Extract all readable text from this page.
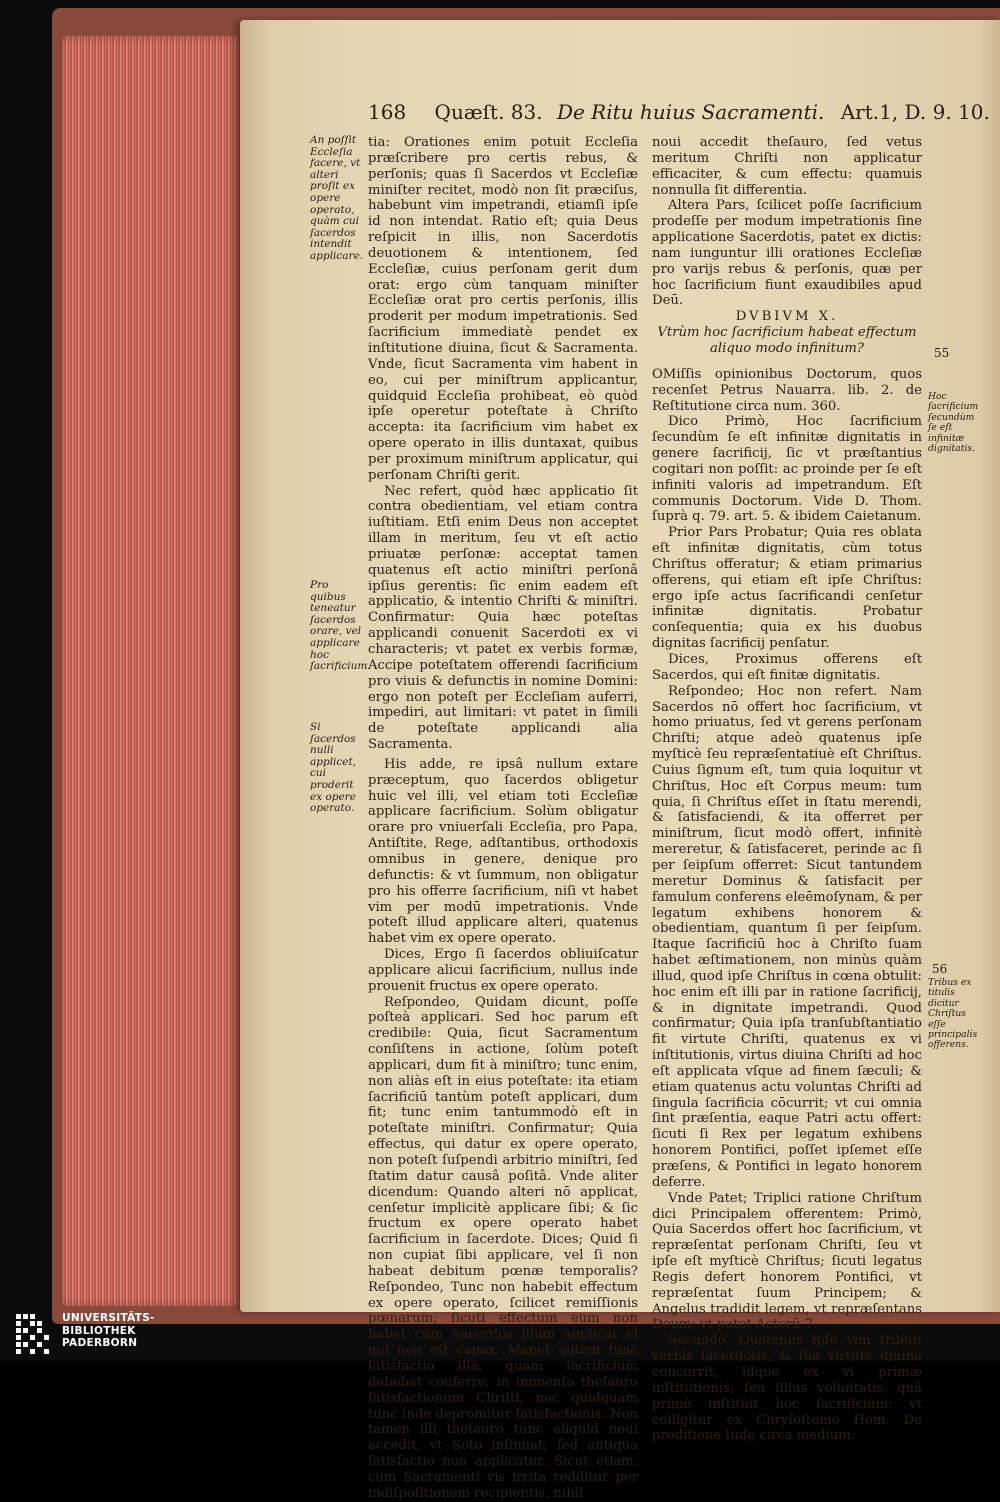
168 Quæſt. 83. De Ritu huius Sacramenti. Art.1, D. 9. 10.
An poſſit Eccleſia facere, vt alteri proſit ex opere operato, quàm cui ſacerdos intendit applicare.
Pro quibus teneatur ſacerdos orare, vel applicare hoc ſacrificium.
Si ſacerdos nulli applicet, cui proderit ex opere operato.

tia: Orationes enim potuit Eccleſia præſcribere pro certis rebus, & perſonis; quas ſi Sacerdos vt Eccleſiæ miniſter recitet, modò non ſit præciſus, habebunt vim impetrandi, etiamſi ipſe id non intendat. Ratio eſt; quia Deus reſpicit in illis, non Sacerdotis deuotionem & intentionem, ſed Eccleſiæ, cuius perſonam gerit dum orat: ergo cùm tanquam miniſter Eccleſiæ orat pro certis perſonis, illis proderit per modum impetrationis. Sed ſacrificium immediatè pendet ex inſtitutione diuina, ſicut & Sacramenta. Vnde, ſicut Sacramenta vim habent in eo, cui per miniſtrum applicantur, quidquid Eccleſia prohibeat, eò quòd ipſe operetur poteſtate à Chriſto accepta: ita ſacrificium vim habet ex opere operato in illis duntaxat, quibus per proximum miniſtrum applicatur, qui perſonam Chriſti gerit.

Nec refert, quòd hæc applicatio ſit contra obedientiam, vel etiam contra iuſtitiam. Etſi enim Deus non acceptet illam in meritum, ſeu vt eſt actio priuatæ perſonæ: acceptat tamen quatenus eſt actio miniſtri perſonâ ipſius gerentis: ſic enim eadem eſt applicatio, & intentio Chriſti & miniſtri. Confirmatur: Quia hæc poteſtas applicandi conuenit Sacerdoti ex vi characteris; vt patet ex verbis formæ, Accipe poteſtatem offerendi ſacrificium pro viuis & defunctis in nomine Domini: ergo non poteſt per Eccleſiam auferri, impediri, aut limitari: vt patet in ſimili de poteſtate applicandi alia Sacramenta.

His adde, re ipsâ nullum extare præceptum, quo ſacerdos obligetur huic vel illi, vel etiam toti Eccleſiæ applicare ſacrificium. Solùm obligatur orare pro vniuerſali Eccleſia, pro Papa, Antiſtite, Rege, adſtantibus, orthodoxis omnibus in genere, denique pro defunctis: & vt ſummum, non obligatur pro his offerre ſacrificium, niſi vt habet vim per modū impetrationis. Vnde poteſt illud applicare alteri, quatenus habet vim ex opere operato.

Dices, Ergo ſi ſacerdos obliuiſcatur applicare alicui ſacrificium, nullus inde prouenit fructus ex opere operato.

Reſpondeo, Quidam dicunt, poſſe poſteà applicari. Sed hoc parum eſt credibile: Quia, ſicut Sacramentum conſiſtens in actione, ſolùm poteſt applicari, dum fit à miniſtro; tunc enim, non aliàs eſt in eius poteſtate: ita etiam ſacrificiū tantùm poteſt applicari, dum fit; tunc enim tantummodò eſt in poteſtate miniſtri. Confirmatur; Quia effectus, qui datur ex opere operato, non poteſt ſuſpendi arbitrio miniſtri, ſed ſtatim datur causâ poſitâ. Vnde aliter dicendum: Quando alteri nō applicat, cenſetur implicitè applicare ſibi; & ſic fructum ex opere operato habet ſacrificium in ſacerdote. Dices; Quid ſi non cupiat ſibi applicare, vel ſi non habeat debitum pœnæ temporalis? Reſpondeo, Tunc non habebit effectum ex opere operato, ſcilicet remiſſionis pœnarum; ſicuti effectum eum non habet cùm Sacerdos illum applicat ei qui non eſt capax. Manet autem tunc ſatisfactio illa, quam ſacrificium debebat conferre, in immenſo theſauro ſatisfactionum Chriſti, nec quidquam tunc inde depromitur ſatisfactionis. Non tamen illi theſauro tunc aliquid noui accedit, vt Soto inſinuat; ſed antiqua ſatisfactio non applicatur. Sicut etiam, cùm Sacramenti vis irrita redditur per indiſpoſitionem recipientis, nihil

noui accedit theſauro, ſed vetus meritum Chriſti non applicatur efficaciter, & cum effectu: quamuis nonnulla ſit differentia.

Altera Pars, ſcilicet poſſe ſacrificium prodeſſe per modum impetrationis ſine applicatione Sacerdotis, patet ex dictis: nam iunguntur illi orationes Eccleſiæ pro varijs rebus & perſonis, quæ per hoc ſacrificium fiunt exaudibiles apud Deū.

DVBIVM X.

Vtrùm hoc ſacrificium habeat effectum aliquo modo infinitum?

OMiſſis opinionibus Doctorum, quos recenſet Petrus Nauarra. lib. 2. de Reſtitutione circa num. 360.

Dico Primò, Hoc ſacrificium ſecundùm ſe eſt infinitæ dignitatis in genere ſacrificij, ſic vt præſtantius cogitari non poſſit: ac proinde per ſe eſt infiniti valoris ad impetrandum. Eſt communis Doctorum. Vide D. Thom. ſuprà q. 79. art. 5. & ibidem Caietanum.

Prior Pars Probatur; Quia res oblata eſt infinitæ dignitatis, cùm totus Chriſtus offeratur; & etiam primarius offerens, qui etiam eſt ipſe Chriſtus: ergo ipſe actus ſacrificandi cenſetur infinitæ dignitatis. Probatur conſequentia; quia ex his duobus dignitas ſacrificij penſatur.

Dices, Proximus offerens eſt Sacerdos, qui eſt finitæ dignitatis.

Reſpondeo; Hoc non refert. Nam Sacerdos nō offert hoc ſacrificium, vt homo priuatus, ſed vt gerens perſonam Chriſti; atque adeò quatenus ipſe myſticè ſeu repræſentatiuè eſt Chriſtus. Cuius ſignum eſt, tum quia loquitur vt Chriſtus, Hoc eſt Corpus meum: tum quia, ſi Chriſtus eſſet in ſtatu merendi, & ſatisfaciendi, & ita offerret per miniſtrum, ſicut modò offert, infinitè mereretur, & ſatisfaceret, perinde ac ſi per ſeipſum offerret: Sicut tantundem meretur Dominus & ſatisfacit per famulum conferens eleēmoſynam, & per legatum exhibens honorem & obedientiam, quantum ſi per ſeipſum. Itaque ſacrificiū hoc à Chriſto ſuam habet æſtimationem, non minùs quàm illud, quod ipſe Chriſtus in cœna obtulit: hoc enim eſt illi par in ratione ſacrificij, & in dignitate impetrandi. Quod confirmatur; Quia ipſa tranſubſtantiatio fit virtute Chriſti, quatenus ex vi inſtitutionis, virtus diuina Chriſti ad hoc eſt applicata vſque ad finem ſæculi; & etiam quatenus actu voluntas Chriſti ad ſingula ſacrificia cōcurrit; vt cui omnia ſint præſentia, eaque Patri actu offert: ſicuti ſi Rex per legatum exhibens honorem Pontifici, poſſet ipſemet eſſe præſens, & Pontifici in legato honorem deferre.

Vnde Patet; Triplici ratione Chriſtum dici Principalem offerentem: Primò, Quia Sacerdos offert hoc ſacrificium, vt repræſentat perſonam Chriſti, ſeu vt ipſe eſt myſticè Chriſtus; ſicuti legatus Regis defert honorem Pontifici, vt repræſentat ſuum Principem; & Angelus tradidit legem, vt repræſentans Deum; vt patet Actorū 7.

Secundò, Quatenus ipſe vim tribuit verbis ſacerdotis, & ſua virtute diuina concurrit, idque ex vi primæ inſtitutionis; ſeu illius voluntatis, quâ primò inſtituit hoc ſacrificium: vt colligitur ex Chryſoſtomo Hom. De proditione Iudę circa medium.

Hoc ſacrificium ſecundùm ſe eſt infinitæ dignitatis.
Tribus ex titulis dicitur Chriſtus eſſe principalis offerens.
55
56
UNIVERSITÄTS-
BIBLIOTHEK
PADERBORN
